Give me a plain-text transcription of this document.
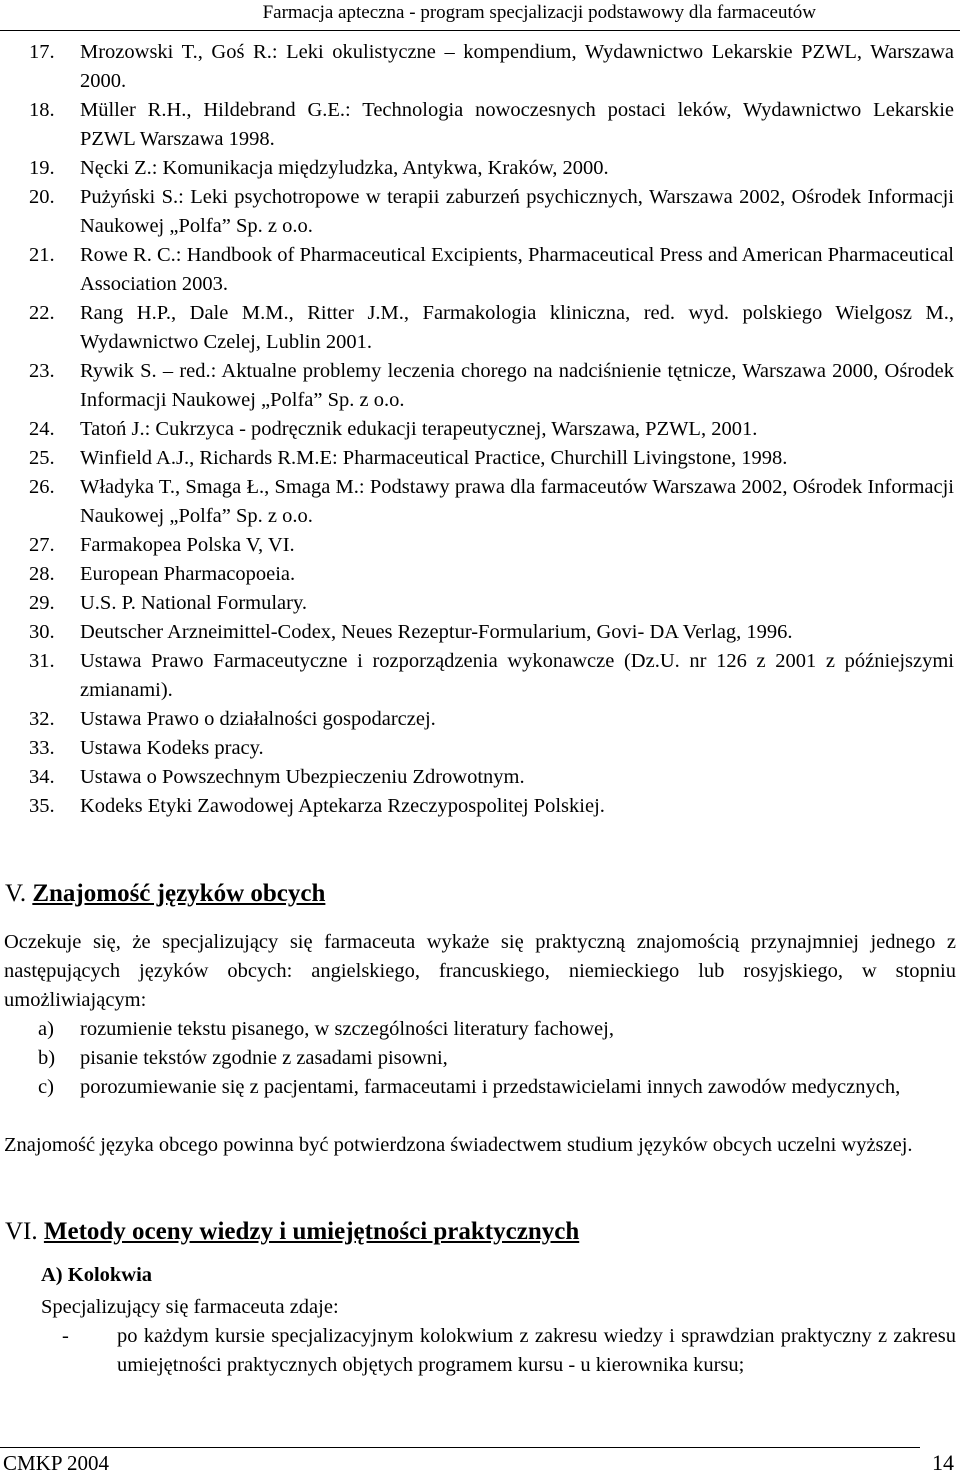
Farmacja apteczna - program specjalizacji podstawowy dla farmaceutów
17. Mrozowski T., Goś R.: Leki okulistyczne – kompendium, Wydawnictwo Lekarskie PZWL, Warszawa 2000.
18. Müller R.H., Hildebrand G.E.: Technologia nowoczesnych postaci leków, Wydawnictwo Lekarskie PZWL Warszawa 1998.
19. Nęcki Z.: Komunikacja międzyludzka, Antykwa, Kraków, 2000.
20. Pużyński S.: Leki psychotropowe w terapii zaburzeń psychicznych, Warszawa 2002, Ośrodek Informacji Naukowej „Polfa” Sp. z o.o.
21. Rowe R. C.: Handbook of Pharmaceutical Excipients, Pharmaceutical Press and American Pharmaceutical Association 2003.
22. Rang H.P., Dale M.M., Ritter J.M., Farmakologia kliniczna, red. wyd. polskiego Wielgosz M., Wydawnictwo Czelej, Lublin 2001.
23. Rywik S. – red.: Aktualne problemy leczenia chorego na nadciśnienie tętnicze, Warszawa 2000, Ośrodek Informacji Naukowej „Polfa” Sp. z o.o.
24. Tatoń J.: Cukrzyca - podręcznik edukacji terapeutycznej, Warszawa, PZWL, 2001.
25. Winfield A.J., Richards R.M.E: Pharmaceutical Practice, Churchill Livingstone, 1998.
26. Władyka T., Smaga Ł., Smaga M.: Podstawy prawa dla farmaceutów Warszawa 2002, Ośrodek Informacji Naukowej „Polfa” Sp. z o.o.
27. Farmakopea Polska V, VI.
28. European Pharmacopoeia.
29. U.S. P. National Formulary.
30. Deutscher Arzneimittel-Codex, Neues Rezeptur-Formularium, Govi- DA Verlag, 1996.
31. Ustawa Prawo Farmaceutyczne i rozporządzenia wykonawcze (Dz.U. nr 126 z 2001 z późniejszymi zmianami).
32. Ustawa Prawo o działalności gospodarczej.
33. Ustawa Kodeks pracy.
34. Ustawa o Powszechnym Ubezpieczeniu Zdrowotnym.
35. Kodeks Etyki Zawodowej Aptekarza Rzeczypospolitej Polskiej.
V. Znajomość języków obcych

Oczekuje się, że specjalizujący się farmaceuta wykaże się praktyczną znajomością przynajmniej jednego z następujących języków obcych: angielskiego, francuskiego, niemieckiego lub rosyjskiego, w stopniu umożliwiającym:

a) rozumienie tekstu pisanego, w szczególności literatury fachowej,
b) pisanie tekstów zgodnie z zasadami pisowni,
c) porozumiewanie się z pacjentami, farmaceutami i przedstawicielami innych zawodów medycznych,

Znajomość języka obcego powinna być potwierdzona świadectwem studium języków obcych uczelni wyższej.

VI. Metody oceny wiedzy i umiejętności praktycznych
A) Kolokwia

Specjalizujący się farmaceuta zdaje:

- po każdym kursie specjalizacyjnym kolokwium z zakresu wiedzy i sprawdzian praktyczny z zakresu umiejętności praktycznych objętych programem kursu - u kierownika kursu;
CMKP 2004	14
